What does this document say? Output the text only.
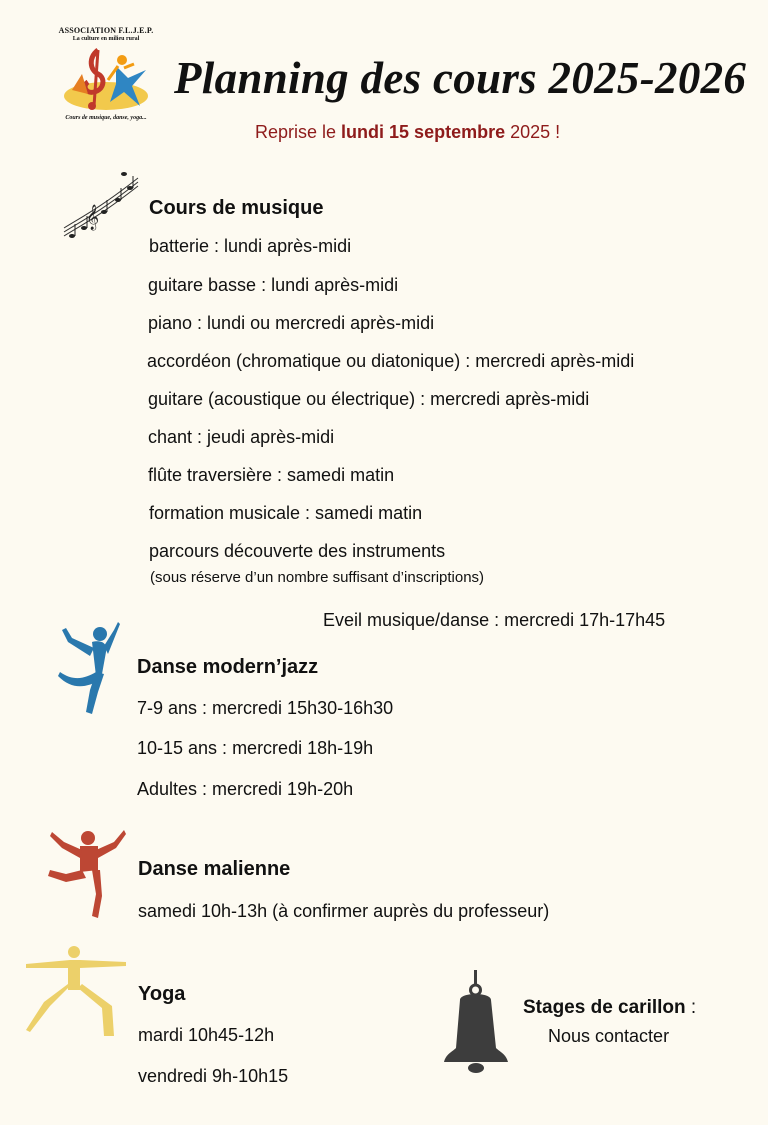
ASSOCIATION F.L.J.E.P.
La culture en milieu rural
Cours de musique, danse, yoga...
Planning des cours 2025-2026
Reprise le lundi 15 septembre 2025 !
𝄞 Cours de musique
batterie : lundi après-midi
guitare basse : lundi après-midi
piano : lundi ou mercredi après-midi
accordéon (chromatique ou diatonique) : mercredi après-midi
guitare (acoustique ou électrique) : mercredi après-midi
chant : jeudi après-midi
flûte traversière : samedi matin
formation musicale : samedi matin
parcours découverte des instruments
(sous réserve d’un nombre suffisant d’inscriptions)
Eveil musique/danse : mercredi 17h-17h45
Danse modern’jazz
7-9 ans : mercredi 15h30-16h30
10-15 ans : mercredi 18h-19h
Adultes : mercredi 19h-20h
Danse malienne
samedi 10h-13h (à confirmer auprès du professeur)
Yoga
mardi 10h45-12h
vendredi 9h-10h15
Stages de carillon :
Nous contacter
